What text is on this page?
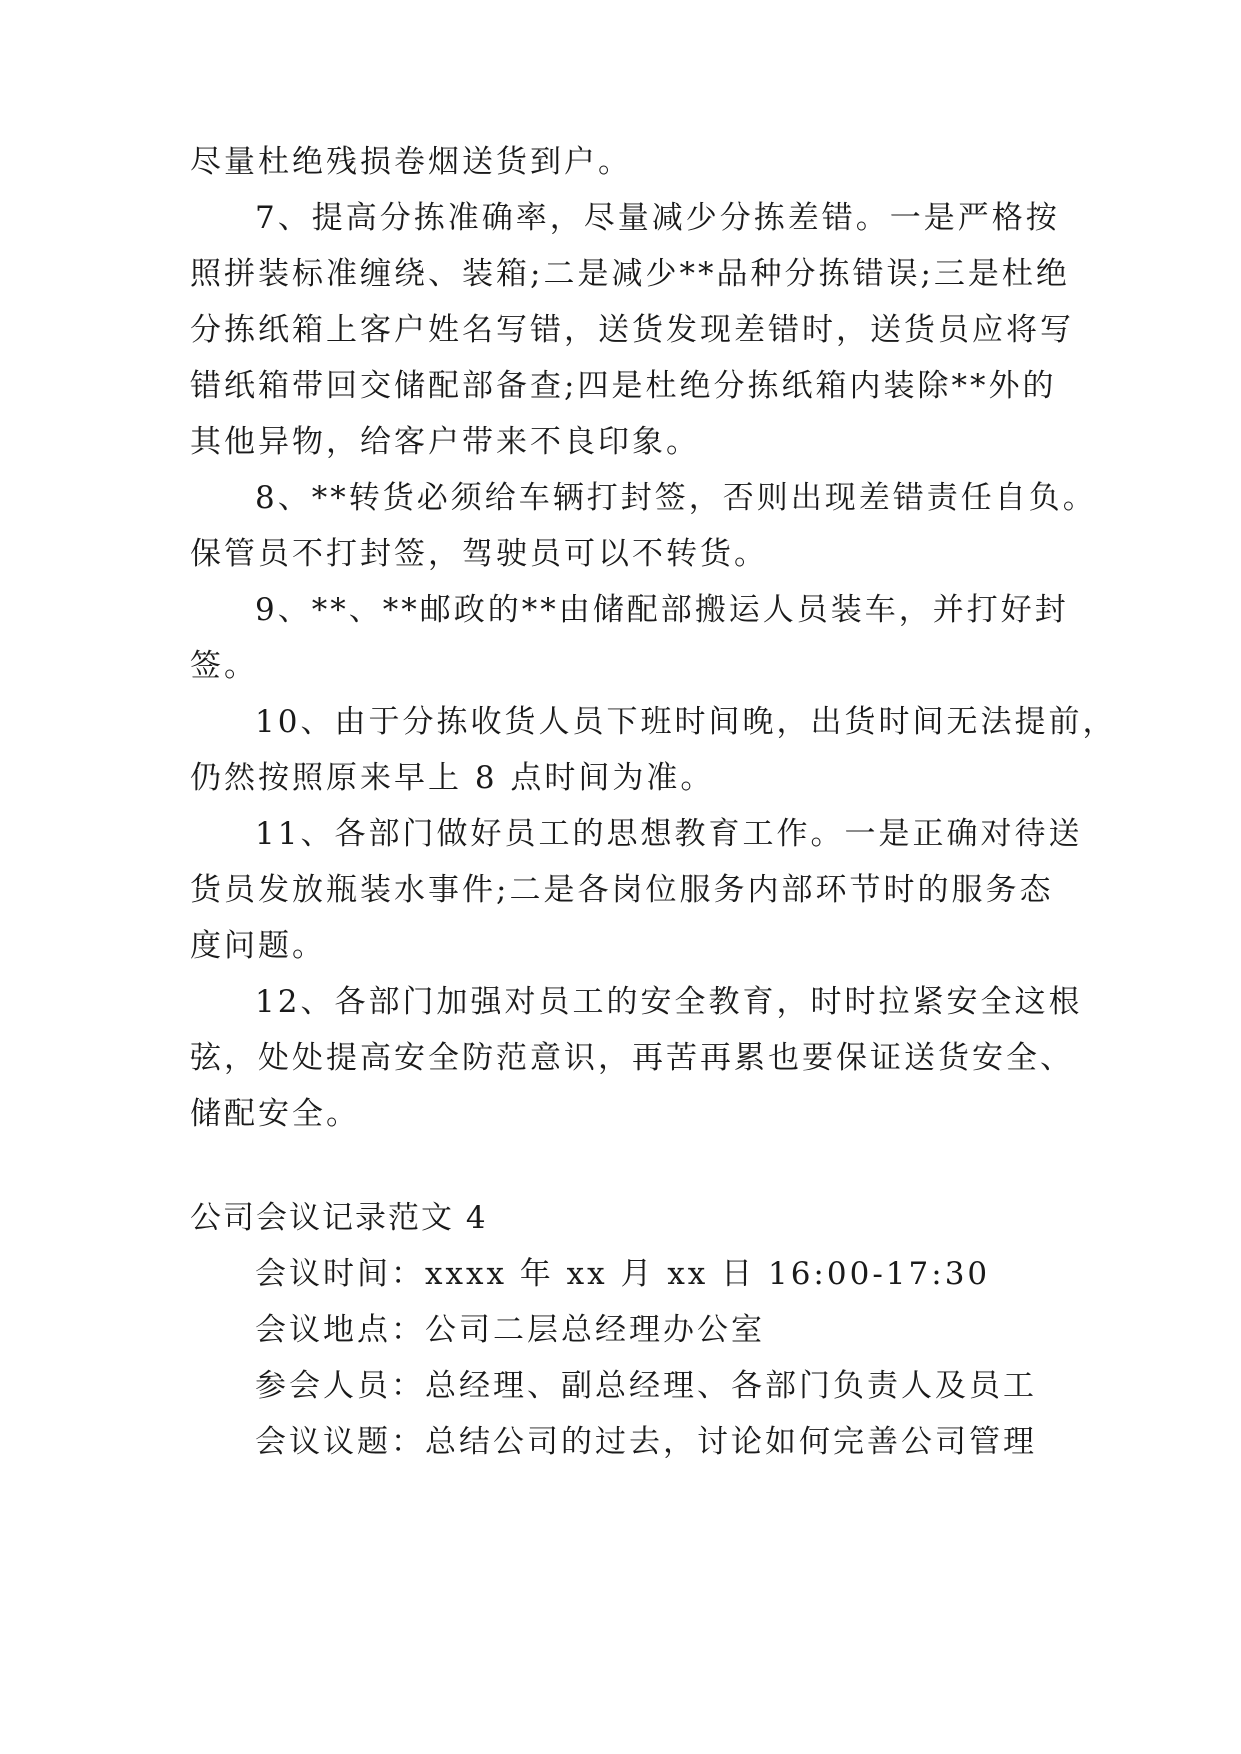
尽量杜绝残损卷烟送货到户。

7、提高分拣准确率，尽量减少分拣差错。一是严格按

照拼装标准缠绕、装箱;二是减少**品种分拣错误;三是杜绝

分拣纸箱上客户姓名写错，送货发现差错时，送货员应将写

错纸箱带回交储配部备查;四是杜绝分拣纸箱内装除**外的

其他异物，给客户带来不良印象。

8、**转货必须给车辆打封签，否则出现差错责任自负。

保管员不打封签，驾驶员可以不转货。

9、**、**邮政的**由储配部搬运人员装车，并打好封

签。

10、由于分拣收货人员下班时间晚，出货时间无法提前，

仍然按照原来早上 8 点时间为准。

11、各部门做好员工的思想教育工作。一是正确对待送

货员发放瓶装水事件;二是各岗位服务内部环节时的服务态

度问题。

12、各部门加强对员工的安全教育，时时拉紧安全这根

弦，处处提高安全防范意识，再苦再累也要保证送货安全、

储配安全。

公司会议记录范文 4

会议时间：xxxx 年 xx 月 xx 日 16:00-17:30

会议地点：公司二层总经理办公室

参会人员：总经理、副总经理、各部门负责人及员工

会议议题：总结公司的过去，讨论如何完善公司管理
